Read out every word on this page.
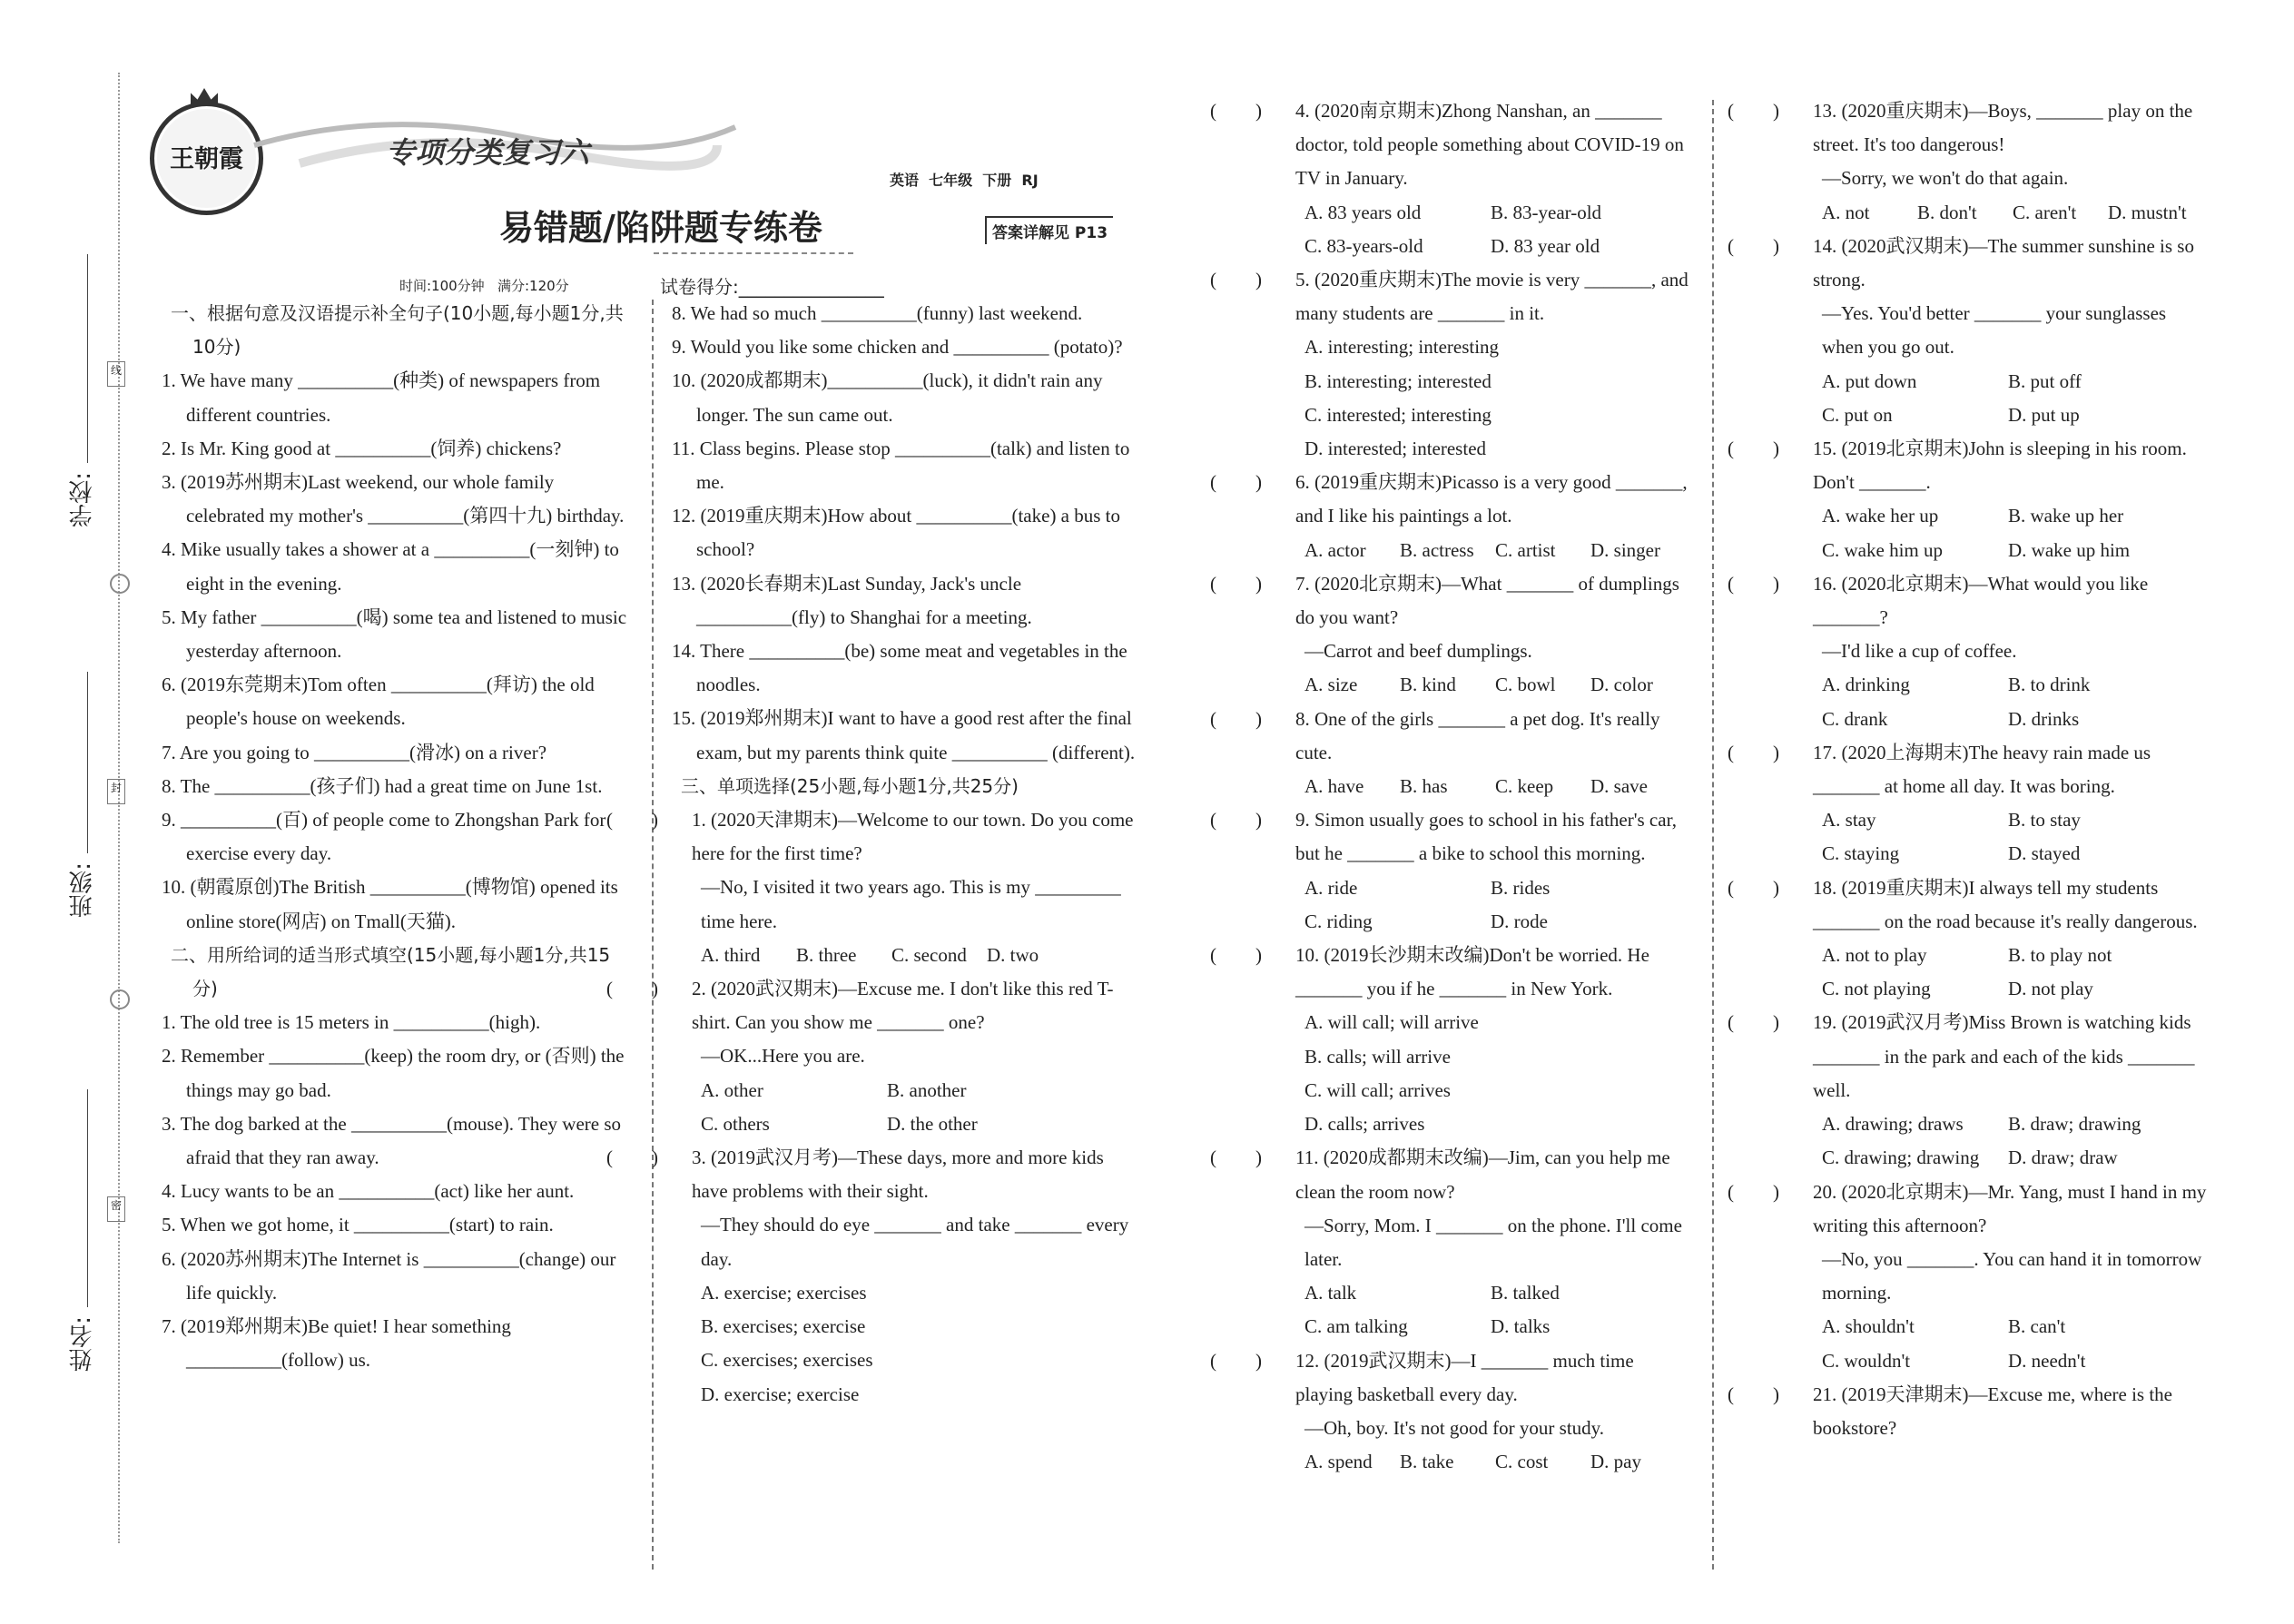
学校:
班级:
姓名:
线
封
密
王朝霞	专项分类复习六
易错题/陷阱题专练卷
英语  七年级  下册  RJ
答案详解见 P13
时间:100分钟   满分:120分	试卷得分:________________

一、根据句意及汉语提示补全句子(10小题,每小题1分,共10分)

1. We have many __________(种类) of newspapers from different countries.

2. Is Mr. King good at __________(饲养) chickens?

3. (2019苏州期末)Last weekend, our whole family celebrated my mother's __________(第四十九) birthday.

4. Mike usually takes a shower at a __________(一刻钟) to eight in the evening.

5. My father __________(喝) some tea and listened to music yesterday afternoon.

6. (2019东莞期末)Tom often __________(拜访) the old people's house on weekends.

7. Are you going to __________(滑冰) on a river?

8. The __________(孩子们) had a great time on June 1st.

9. __________(百) of people come to Zhongshan Park for exercise every day.

10. (朝霞原创)The British __________(博物馆) opened its online store(网店) on Tmall(天猫).

二、用所给词的适当形式填空(15小题,每小题1分,共15分)

1. The old tree is 15 meters in __________(high).

2. Remember __________(keep) the room dry, or (否则) the things may go bad.

3. The dog barked at the __________(mouse). They were so afraid that they ran away.

4. Lucy wants to be an __________(act) like her aunt.

5. When we got home, it __________(start) to rain.

6. (2020苏州期末)The Internet is __________(change) our life quickly.

7. (2019郑州期末)Be quiet! I hear something __________(follow) us.

8. We had so much __________(funny) last weekend.

9. Would you like some chicken and __________ (potato)?

10. (2020成都期末)__________(luck), it didn't rain any longer. The sun came out.

11. Class begins. Please stop __________(talk) and listen to me.

12. (2019重庆期末)How about __________(take) a bus to school?

13. (2020长春期末)Last Sunday, Jack's uncle __________(fly) to Shanghai for a meeting.

14. There __________(be) some meat and vegetables in the noodles.

15. (2019郑州期末)I want to have a good rest after the final exam, but my parents think quite __________ (different).

三、单项选择(25小题,每小题1分,共25分)

( ) 1. (2020天津期末)—Welcome to our town. Do you come here for the first time?

—No, I visited it two years ago. This is my _________ time here.

A. third	B. three	C. second	D. two

( ) 2. (2020武汉期末)—Excuse me. I don't like this red T-shirt. Can you show me _______ one?

—OK...Here you are.

A. other	B. another

C. others	D. the other

( ) 3. (2019武汉月考)—These days, more and more kids have problems with their sight.

—They should do eye _______ and take _______ every day.

A. exercise; exercises

B. exercises; exercise

C. exercises; exercises

D. exercise; exercise

( ) 4. (2020南京期末)Zhong Nanshan, an _______ doctor, told people something about COVID-19 on TV in January.

A. 83 years old	B. 83-year-old

C. 83-years-old	D. 83 year old

( ) 5. (2020重庆期末)The movie is very _______, and many students are _______ in it.

A. interesting; interesting

B. interesting; interested

C. interested; interesting

D. interested; interested

( ) 6. (2019重庆期末)Picasso is a very good _______, and I like his paintings a lot.

A. actor	B. actress	C. artist	D. singer

( ) 7. (2020北京期末)—What _______ of dumplings do you want?

—Carrot and beef dumplings.

A. size	B. kind	C. bowl	D. color

( ) 8. One of the girls _______ a pet dog. It's really cute.

A. have	B. has	C. keep	D. save

( ) 9. Simon usually goes to school in his father's car, but he _______ a bike to school this morning.

A. ride	B. rides

C. riding	D. rode

( ) 10. (2019长沙期末改编)Don't be worried. He _______ you if he _______ in New York.

A. will call; will arrive

B. calls; will arrive

C. will call; arrives

D. calls; arrives

( ) 11. (2020成都期末改编)—Jim, can you help me clean the room now?

—Sorry, Mom. I _______ on the phone. I'll come later.

A. talk	B. talked

C. am talking	D. talks

( ) 12. (2019武汉期末)—I _______ much time playing basketball every day.

—Oh, boy. It's not good for your study.

A. spend	B. take	C. cost	D. pay

( ) 13. (2020重庆期末)—Boys, _______ play on the street. It's too dangerous!

—Sorry, we won't do that again.

A. not	B. don't	C. aren't	D. mustn't

( ) 14. (2020武汉期末)—The summer sunshine is so strong.

—Yes. You'd better _______ your sunglasses when you go out.

A. put down	B. put off

C. put on	D. put up

( ) 15. (2019北京期末)John is sleeping in his room. Don't _______.

A. wake her up	B. wake up her

C. wake him up	D. wake up him

( ) 16. (2020北京期末)—What would you like _______?

—I'd like a cup of coffee.

A. drinking	B. to drink

C. drank	D. drinks

( ) 17. (2020上海期末)The heavy rain made us _______ at home all day. It was boring.

A. stay	B. to stay

C. staying	D. stayed

( ) 18. (2019重庆期末)I always tell my students _______ on the road because it's really dangerous.

A. not to play	B. to play not

C. not playing	D. not play

( ) 19. (2019武汉月考)Miss Brown is watching kids _______ in the park and each of the kids _______ well.

A. drawing; draws	B. draw; drawing

C. drawing; drawing	D. draw; draw

( ) 20. (2020北京期末)—Mr. Yang, must I hand in my writing this afternoon?

—No, you _______. You can hand it in tomorrow morning.

A. shouldn't	B. can't

C. wouldn't	D. needn't

( ) 21. (2019天津期末)—Excuse me, where is the bookstore?
